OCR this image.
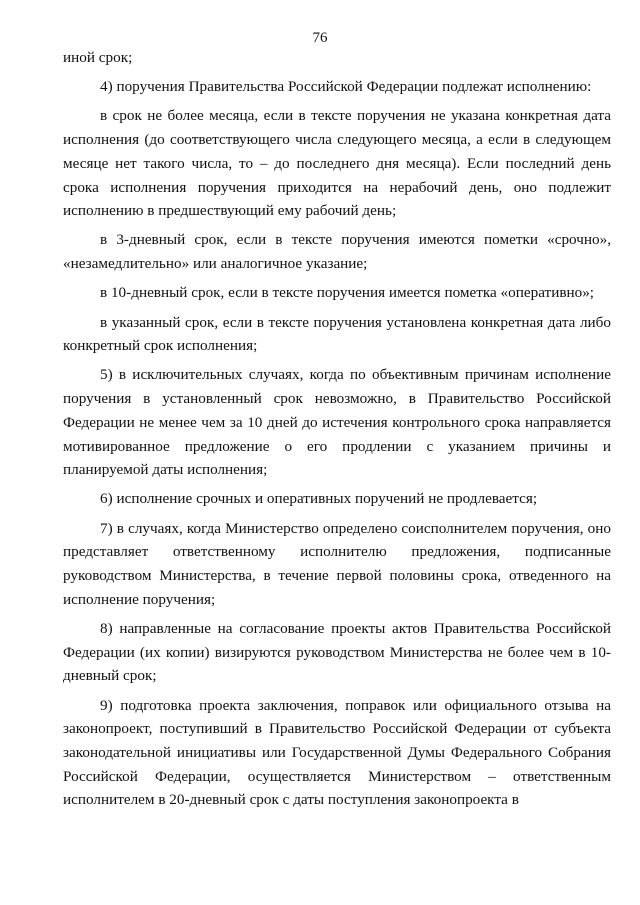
76

иной срок;

4) поручения Правительства Российской Федерации подлежат исполнению:

в срок не более месяца, если в тексте поручения не указана конкретная дата исполнения (до соответствующего числа следующего месяца, а если в следующем месяце нет такого числа, то – до последнего дня месяца). Если последний день срока исполнения поручения приходится на нерабочий день, оно подлежит исполнению в предшествующий ему рабочий день;

в 3-дневный срок, если в тексте поручения имеются пометки «срочно», «незамедлительно» или аналогичное указание;

в 10-дневный срок, если в тексте поручения имеется пометка «оперативно»;

в указанный срок, если в тексте поручения установлена конкретная дата либо конкретный срок исполнения;

5) в исключительных случаях, когда по объективным причинам исполнение поручения в установленный срок невозможно, в Правительство Российской Федерации не менее чем за 10 дней до истечения контрольного срока направляется мотивированное предложение о его продлении с указанием причины и планируемой даты исполнения;

6) исполнение срочных и оперативных поручений не продлевается;

7) в случаях, когда Министерство определено соисполнителем поручения, оно представляет ответственному исполнителю предложения, подписанные руководством Министерства, в течение первой половины срока, отведенного на исполнение поручения;

8) направленные на согласование проекты актов Правительства Российской Федерации (их копии) визируются руководством Министерства не более чем в 10-дневный срок;

9) подготовка проекта заключения, поправок или официального отзыва на законопроект, поступивший в Правительство Российской Федерации от субъекта законодательной инициативы или Государственной Думы Федерального Собрания Российской Федерации, осуществляется Министерством – ответственным исполнителем в 20-дневный срок с даты поступления законопроекта в
